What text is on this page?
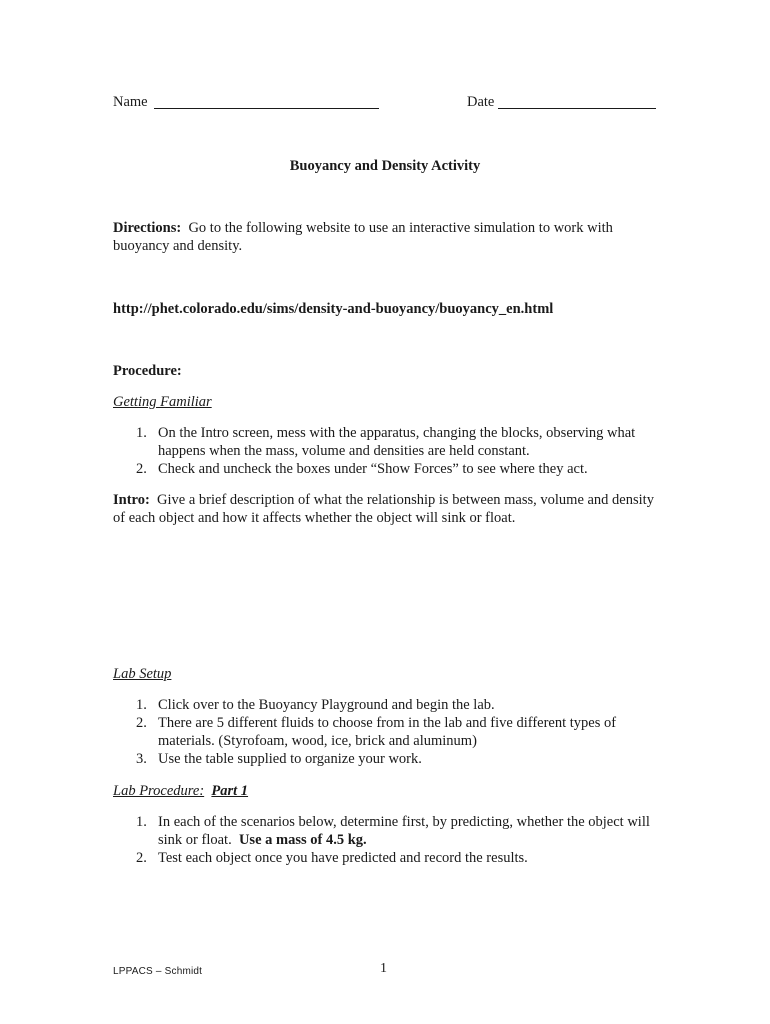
Name	Date
Buoyancy and Density Activity
Directions: Go to the following website to use an interactive simulation to work with buoyancy and density.
http://phet.colorado.edu/sims/density-and-buoyancy/buoyancy_en.html
Procedure:
Getting Familiar
1. On the Intro screen, mess with the apparatus, changing the blocks, observing what happens when the mass, volume and densities are held constant.
2. Check and uncheck the boxes under “Show Forces” to see where they act.
Intro: Give a brief description of what the relationship is between mass, volume and density of each object and how it affects whether the object will sink or float.
Lab Setup
1. Click over to the Buoyancy Playground and begin the lab.
2. There are 5 different fluids to choose from in the lab and five different types of materials. (Styrofoam, wood, ice, brick and aluminum)
3. Use the table supplied to organize your work.
Lab Procedure: Part 1
1. In each of the scenarios below, determine first, by predicting, whether the object will sink or float. Use a mass of 4.5 kg.
2. Test each object once you have predicted and record the results.
LPPACS – Schmidt	1
